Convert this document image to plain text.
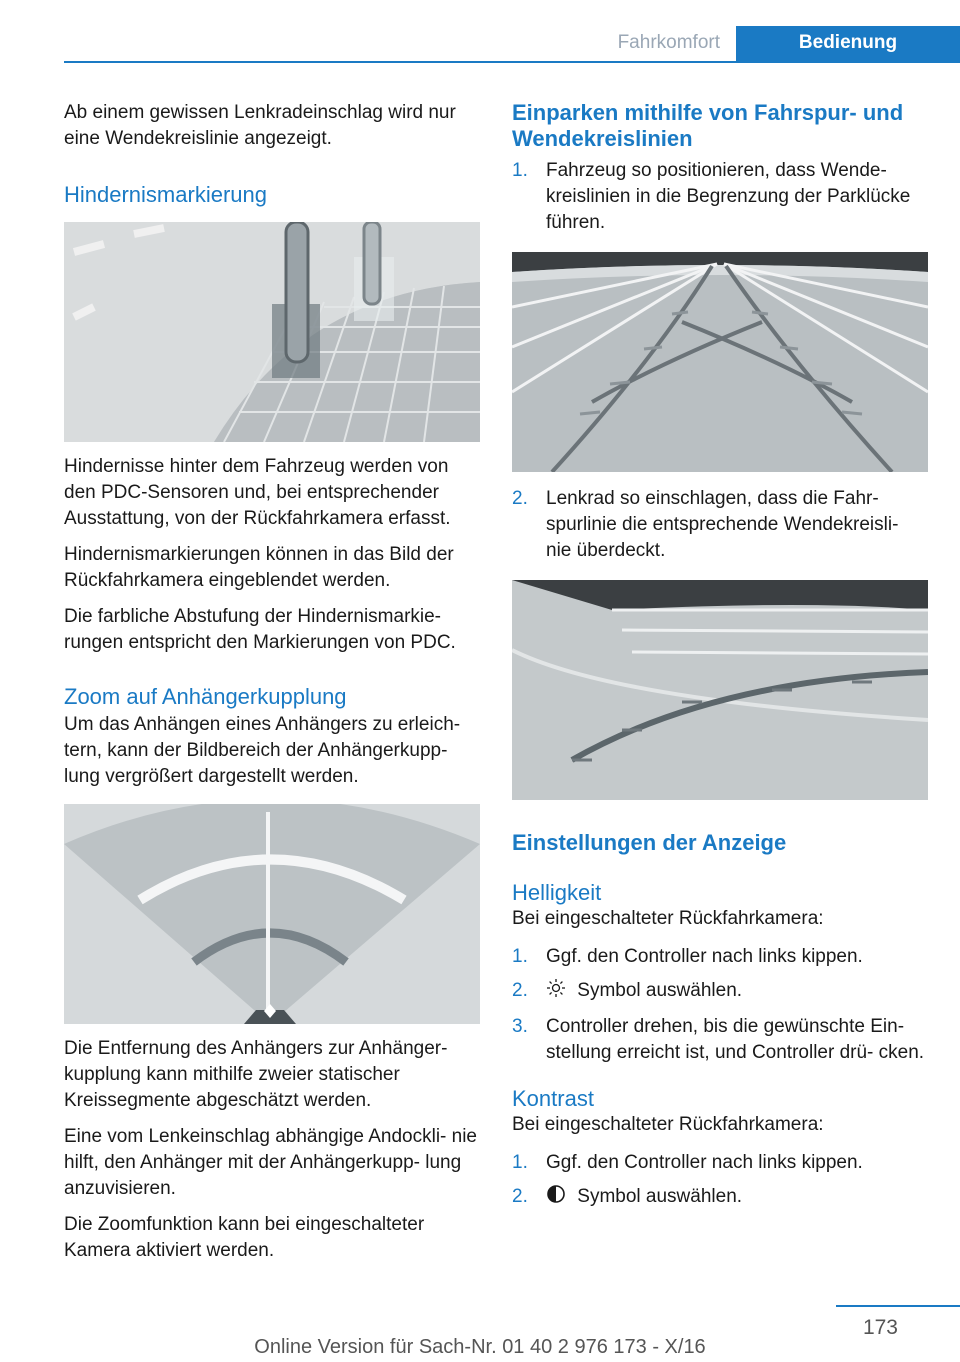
Fahrkomfort	Bedienung

Ab einem gewissen Lenkradeinschlag wird nur eine Wendekreislinie angezeigt.

Hindernismarkierung

Hindernisse hinter dem Fahrzeug werden von den PDC-Sensoren und, bei entsprechender Ausstattung, von der Rückfahrkamera erfasst.

Hindernismarkierungen können in das Bild der Rückfahrkamera eingeblendet werden.

Die farbliche Abstufung der Hindernismarkie- rungen entspricht den Markierungen von PDC.

Zoom auf Anhängerkupplung

Um das Anhängen eines Anhängers zu erleich- tern, kann der Bildbereich der Anhängerkupp- lung vergrößert dargestellt werden.

Die Entfernung des Anhängers zur Anhänger- kupplung kann mithilfe zweier statischer Kreissegmente abgeschätzt werden.

Eine vom Lenkeinschlag abhängige Andockli- nie hilft, den Anhänger mit der Anhängerkupp- lung anzuvisieren.

Die Zoomfunktion kann bei eingeschalteter Kamera aktiviert werden.

Einparken mithilfe von Fahrspur- und Wendekreislinien
1. Fahrzeug so positionieren, dass Wende- kreislinien in die Begrenzung der Parklücke führen.
2. Lenkrad so einschlagen, dass die Fahr- spurlinie die entsprechende Wendekreisli- nie überdeckt.
Einstellungen der Anzeige
Helligkeit

Bei eingeschalteter Rückfahrkamera:

1. Ggf. den Controller nach links kippen.
2.	Symbol auswählen.
3. Controller drehen, bis die gewünschte Ein- stellung erreicht ist, und Controller drü- cken.
Kontrast

Bei eingeschalteter Rückfahrkamera:

1. Ggf. den Controller nach links kippen.
2.	Symbol auswählen.
173
Online Version für Sach-Nr. 01 40 2 976 173 - X/16
